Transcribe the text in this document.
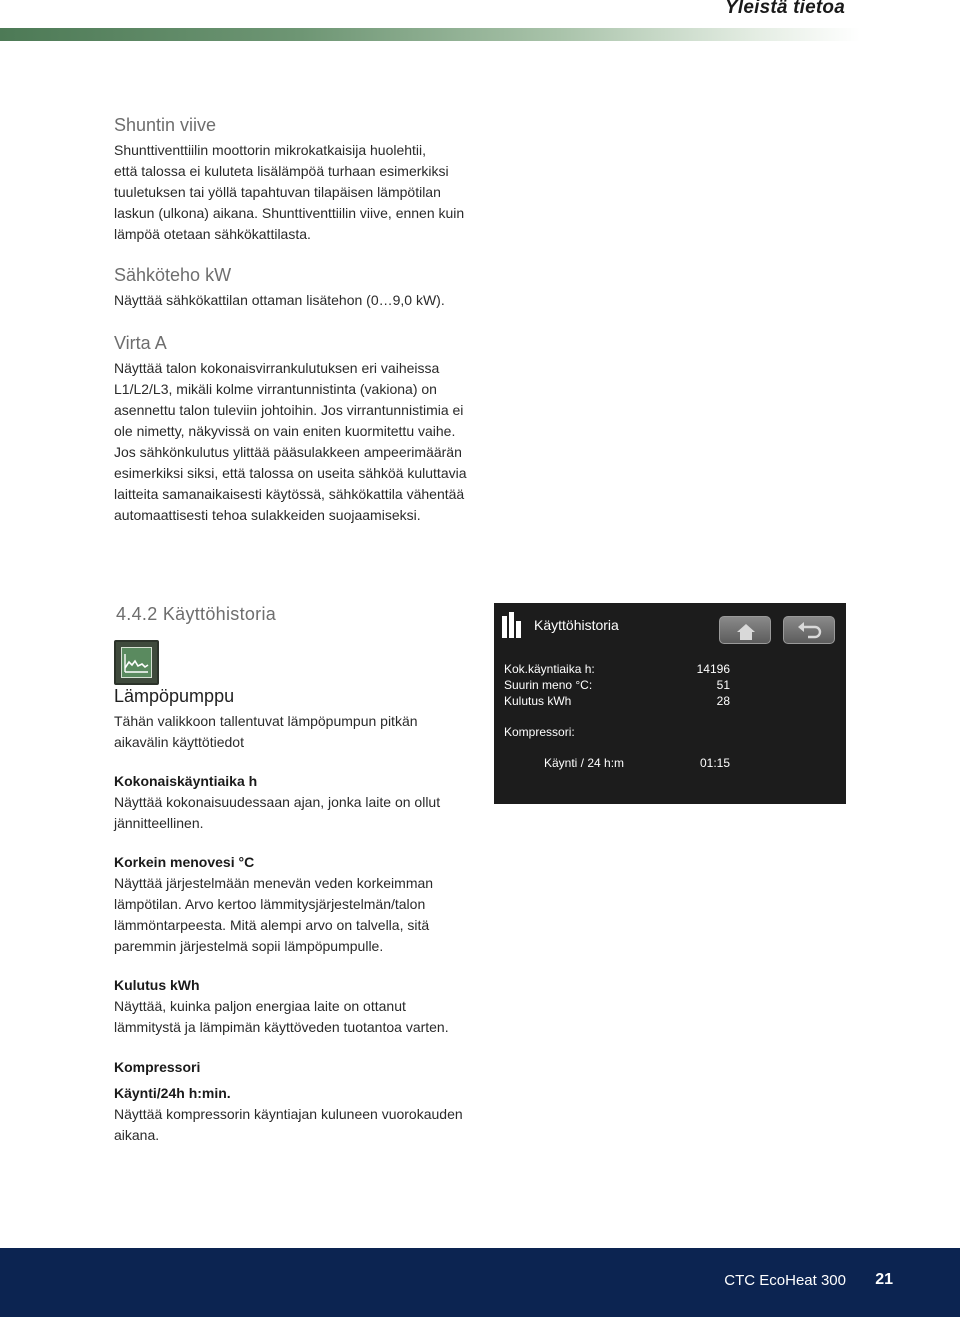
Yleistä tietoa
Shuntin viive
Shunttiventtiilin moottorin mikrokatkaisija huolehtii,
että talossa ei kuluteta lisälämpöä turhaan esimerkiksi
tuuletuksen tai yöllä tapahtuvan tilapäisen lämpötilan
laskun (ulkona) aikana. Shunttiventtiilin viive, ennen kuin
lämpöä otetaan sähkökattilasta.
Sähköteho kW
Näyttää sähkökattilan ottaman lisätehon (0…9,0 kW).
Virta A
Näyttää talon kokonaisvirrankulutuksen eri vaiheissa
L1/L2/L3, mikäli kolme virrantunnistinta (vakiona) on
asennettu talon tuleviin johtoihin. Jos virrantunnistimia ei
ole nimetty, näkyvissä on vain eniten kuormitettu vaihe.
Jos sähkönkulutus ylittää pääsulakkeen ampeerimäärän
esimerkiksi siksi, että talossa on useita sähköä kuluttavia
laitteita samanaikaisesti käytössä, sähkökattila vähentää
automaattisesti tehoa sulakkeiden suojaamiseksi.
4.4.2 Käyttöhistoria
Lämpöpumppu
Tähän valikkoon tallentuvat lämpöpumpun pitkän
aikavälin käyttötiedot
Kokonaiskäyntiaika h
Näyttää kokonaisuudessaan ajan, jonka laite on ollut
jännitteellinen.
Korkein menovesi °C
Näyttää järjestelmään menevän veden korkeimman
lämpötilan. Arvo kertoo lämmitysjärjestelmän/talon
lämmöntarpeesta. Mitä alempi arvo on talvella, sitä
paremmin järjestelmä sopii lämpöpumpulle.
Kulutus kWh
Näyttää, kuinka paljon energiaa laite on ottanut
lämmitystä ja lämpimän käyttöveden tuotantoa varten.
Kompressori
Käynti/24h h:min.
Näyttää kompressorin käyntiajan kuluneen vuorokauden
aikana.
Käyttöhistoria
Kok.käyntiaika h:	14196
Suurin meno °C:	51
Kulutus kWh	28
Kompressori:
Käynti / 24 h:m	01:15
CTC EcoHeat 300 21
